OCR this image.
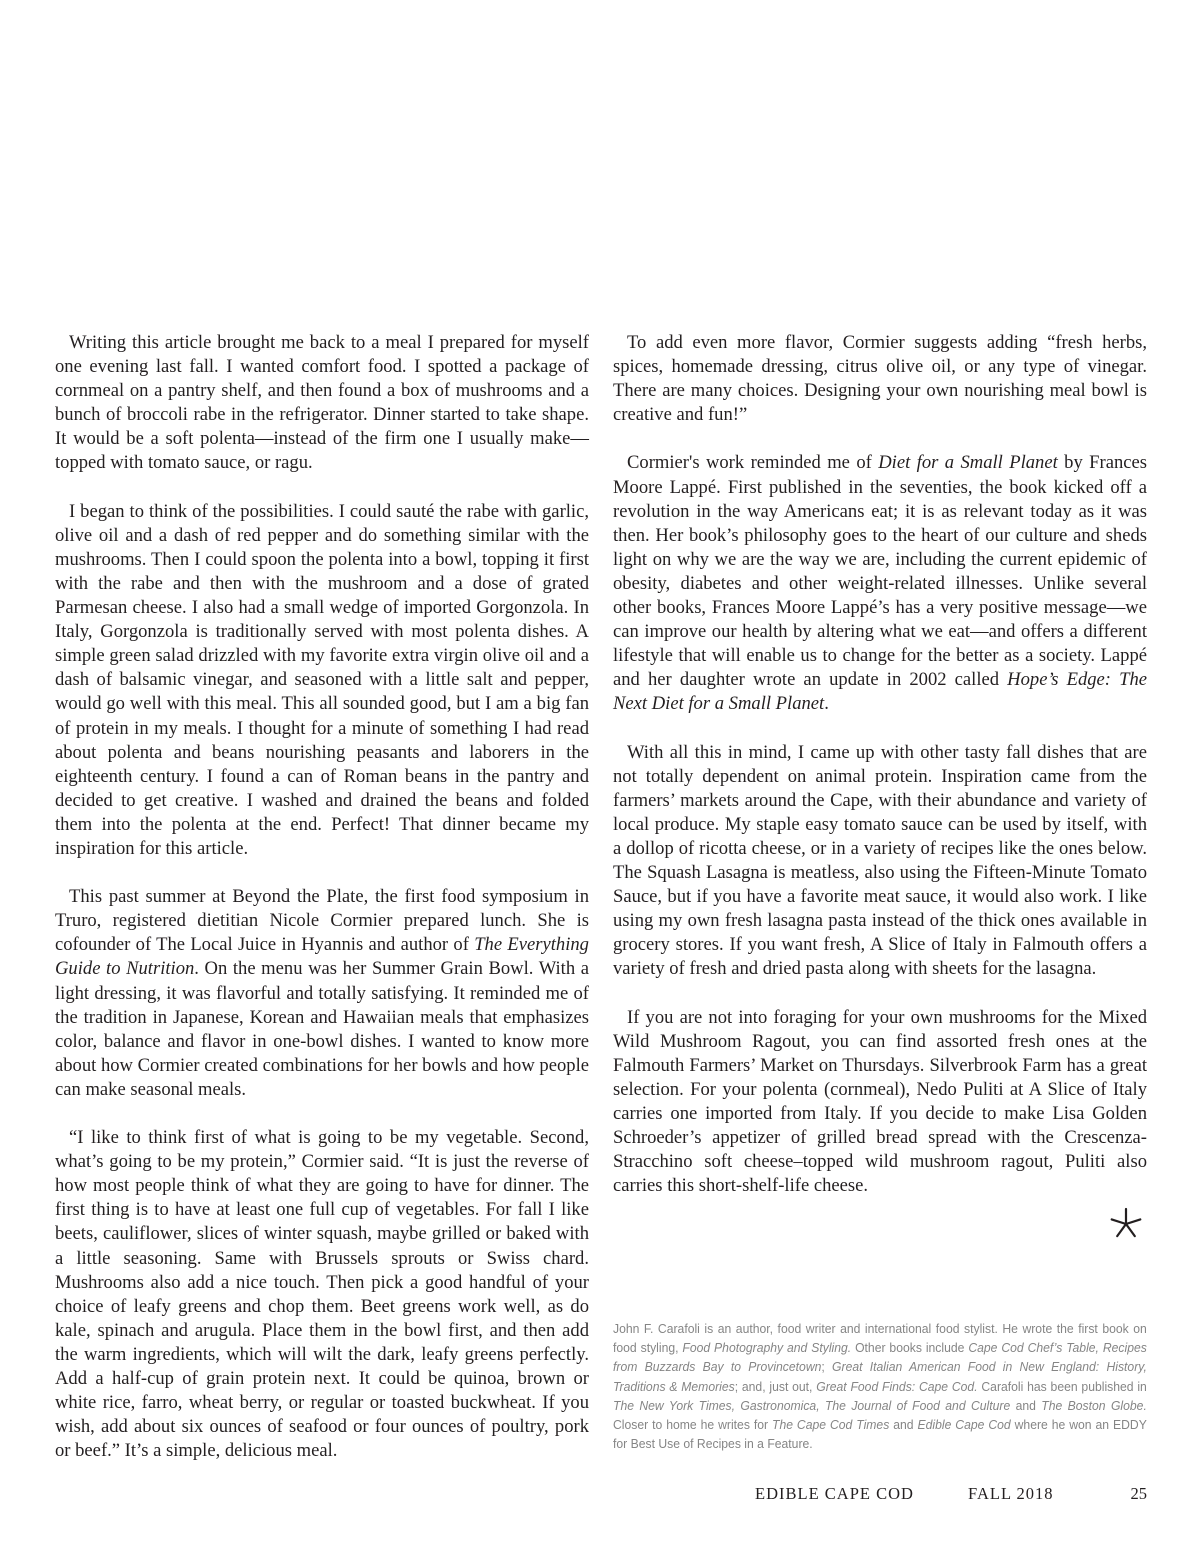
Writing this article brought me back to a meal I prepared for myself one evening last fall. I wanted comfort food. I spotted a package of cornmeal on a pantry shelf, and then found a box of mushrooms and a bunch of broccoli rabe in the refrigerator. Dinner started to take shape. It would be a soft polenta—instead of the firm one I usually make—topped with tomato sauce, or ragu.

I began to think of the possibilities. I could sauté the rabe with garlic, olive oil and a dash of red pepper and do something similar with the mushrooms. Then I could spoon the polenta into a bowl, topping it first with the rabe and then with the mushroom and a dose of grated Parmesan cheese. I also had a small wedge of imported Gorgonzola. In Italy, Gorgonzola is traditionally served with most polenta dishes. A simple green salad drizzled with my favorite extra virgin olive oil and a dash of balsamic vinegar, and seasoned with a little salt and pepper, would go well with this meal. This all sounded good, but I am a big fan of protein in my meals. I thought for a minute of something I had read about polenta and beans nourishing peasants and laborers in the eighteenth century. I found a can of Roman beans in the pantry and decided to get creative. I washed and drained the beans and folded them into the polenta at the end. Perfect! That dinner became my inspiration for this article.

This past summer at Beyond the Plate, the first food symposium in Truro, registered dietitian Nicole Cormier prepared lunch. She is cofounder of The Local Juice in Hyannis and author of The Everything Guide to Nutrition. On the menu was her Summer Grain Bowl. With a light dressing, it was flavorful and totally satisfying. It reminded me of the tradition in Japanese, Korean and Hawaiian meals that emphasizes color, balance and flavor in one-bowl dishes. I wanted to know more about how Cormier created combinations for her bowls and how people can make seasonal meals.

“I like to think first of what is going to be my vegetable. Second, what’s going to be my protein,” Cormier said. “It is just the reverse of how most people think of what they are going to have for dinner. The first thing is to have at least one full cup of vegetables. For fall I like beets, cauliflower, slices of winter squash, maybe grilled or baked with a little seasoning. Same with Brussels sprouts or Swiss chard. Mushrooms also add a nice touch. Then pick a good handful of your choice of leafy greens and chop them. Beet greens work well, as do kale, spinach and arugula. Place them in the bowl first, and then add the warm ingredients, which will wilt the dark, leafy greens perfectly. Add a half-cup of grain protein next. It could be quinoa, brown or white rice, farro, wheat berry, or regular or toasted buckwheat. If you wish, add about six ounces of seafood or four ounces of poultry, pork or beef.” It’s a simple, delicious meal.

To add even more flavor, Cormier suggests adding “fresh herbs, spices, homemade dressing, citrus olive oil, or any type of vinegar. There are many choices. Designing your own nourishing meal bowl is creative and fun!”

Cormier's work reminded me of Diet for a Small Planet by Frances Moore Lappé. First published in the seventies, the book kicked off a revolution in the way Americans eat; it is as relevant today as it was then. Her book’s philosophy goes to the heart of our culture and sheds light on why we are the way we are, including the current epidemic of obesity, diabetes and other weight-related illnesses. Unlike several other books, Frances Moore Lappé’s has a very positive message—we can improve our health by altering what we eat—and offers a different lifestyle that will enable us to change for the better as a society. Lappé and her daughter wrote an update in 2002 called Hope’s Edge: The Next Diet for a Small Planet.

With all this in mind, I came up with other tasty fall dishes that are not totally dependent on animal protein. Inspiration came from the farmers’ markets around the Cape, with their abundance and variety of local produce. My staple easy tomato sauce can be used by itself, with a dollop of ricotta cheese, or in a variety of recipes like the ones below. The Squash Lasagna is meatless, also using the Fifteen-Minute Tomato Sauce, but if you have a favorite meat sauce, it would also work. I like using my own fresh lasagna pasta instead of the thick ones available in grocery stores. If you want fresh, A Slice of Italy in Falmouth offers a variety of fresh and dried pasta along with sheets for the lasagna.

If you are not into foraging for your own mushrooms for the Mixed Wild Mushroom Ragout, you can find assorted fresh ones at the Falmouth Farmers’ Market on Thursdays. Silverbrook Farm has a great selection. For your polenta (cornmeal), Nedo Puliti at A Slice of Italy carries one imported from Italy. If you decide to make Lisa Golden Schroeder’s appetizer of grilled bread spread with the Crescenza-Stracchino soft cheese–topped wild mushroom ragout, Puliti also carries this short-shelf-life cheese.

John F. Carafoli is an author, food writer and international food stylist. He wrote the first book on food styling, Food Photography and Styling. Other books include Cape Cod Chef’s Table, Recipes from Buzzards Bay to Provincetown; Great Italian American Food in New England: History, Traditions & Memories; and, just out, Great Food Finds: Cape Cod. Carafoli has been published in The New York Times, Gastronomica, The Journal of Food and Culture and The Boston Globe. Closer to home he writes for The Cape Cod Times and Edible Cape Cod where he won an EDDY for Best Use of Recipes in a Feature.
EDIBLE CAPE COD	FALL 2018	25
